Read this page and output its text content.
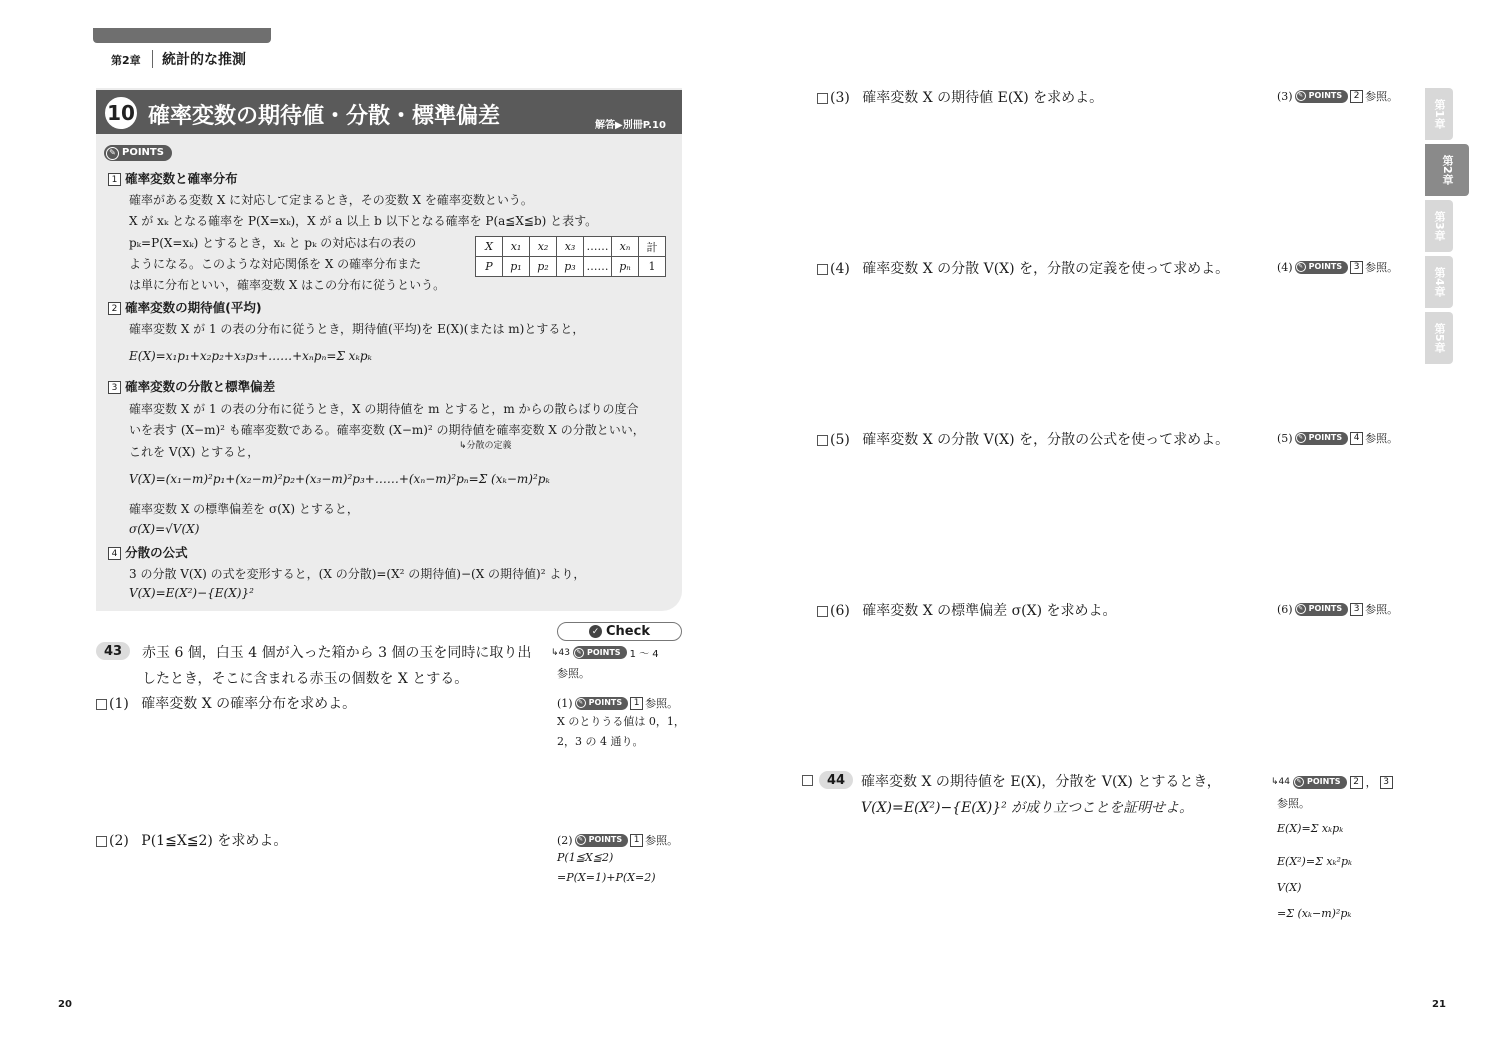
第2章 統計的な推測
10 確率変数の期待値・分散・標準偏差	解答▶別冊P.10
✎ POINTS
1 確率変数と確率分布
確率がある変数 X に対応して定まるとき，その変数 X を確率変数という。
X が xₖ となる確率を P(X=xₖ)，X が a 以上 b 以下となる確率を P(a≦X≦b) と表す。
pₖ=P(X=xₖ) とするとき，xₖ と pₖ の対応は右の表の
ようになる。このような対応関係を X の確率分布また
は単に分布といい，確率変数 X はこの分布に従うという。
X	x₁	x₂	x₃	……	xₙ	計
P	p₁	p₂	p₃	……	pₙ	1
2 確率変数の期待値(平均)
確率変数 X が 1 の表の分布に従うとき，期待値(平均)を E(X)(または m)とすると，
E(X)=x₁p₁+x₂p₂+x₃p₃+……+xₙpₙ=Σ xₖpₖ
3 確率変数の分散と標準偏差
確率変数 X が 1 の表の分布に従うとき，X の期待値を m とすると，m からの散らばりの度合
いを表す (X−m)² も確率変数である。確率変数 (X−m)² の期待値を確率変数 X の分散といい，
↳分散の定義
これを V(X) とすると，
V(X)=(x₁−m)²p₁+(x₂−m)²p₂+(x₃−m)²p₃+……+(xₙ−m)²pₙ=Σ (xₖ−m)²pₖ
確率変数 X の標準偏差を σ(X) とすると，
σ(X)=√V(X)
4 分散の公式
3 の分散 V(X) の式を変形すると，(X の分散)=(X² の期待値)−(X の期待値)² より，
V(X)=E(X²)−{E(X)}²
✓ Check
43	赤玉 6 個，白玉 4 個が入った箱から 3 個の玉を同時に取り出
したとき，そこに含まれる赤玉の個数を X とする。
↳43	✎ POINTS 1 ～ 4
参照。
(1) 確率変数 X の確率分布を求めよ。	(1) ✎ POINTS	1 参照。
X のとりうる値は 0，1，
2，3 の 4 通り。
(2) P(1≦X≦2) を求めよ。	(2) ✎ POINTS	1 参照。
P(1≦X≦2)
=P(X=1)+P(X=2)
(3) 確率変数 X の期待値 E(X) を求めよ。	(3) ✎ POINTS	2 参照。
(4) 確率変数 X の分散 V(X) を，分散の定義を使って求めよ。	(4) ✎ POINTS	3 参照。
(5) 確率変数 X の分散 V(X) を，分散の公式を使って求めよ。	(5) ✎ POINTS	4 参照。
(6) 確率変数 X の標準偏差 σ(X) を求めよ。	(6) ✎ POINTS	3 参照。
44	確率変数 X の期待値を E(X)，分散を V(X) とするとき，
V(X)=E(X²)−{E(X)}² が成り立つことを証明せよ。
↳44	✎ POINTS	2 ， 3
参照。
E(X)=Σ xₖpₖ
E(X²)=Σ xₖ²pₖ
V(X)
=Σ (xₖ−m)²pₖ
第1章
第2章
第3章
第4章
第5章
20	21
